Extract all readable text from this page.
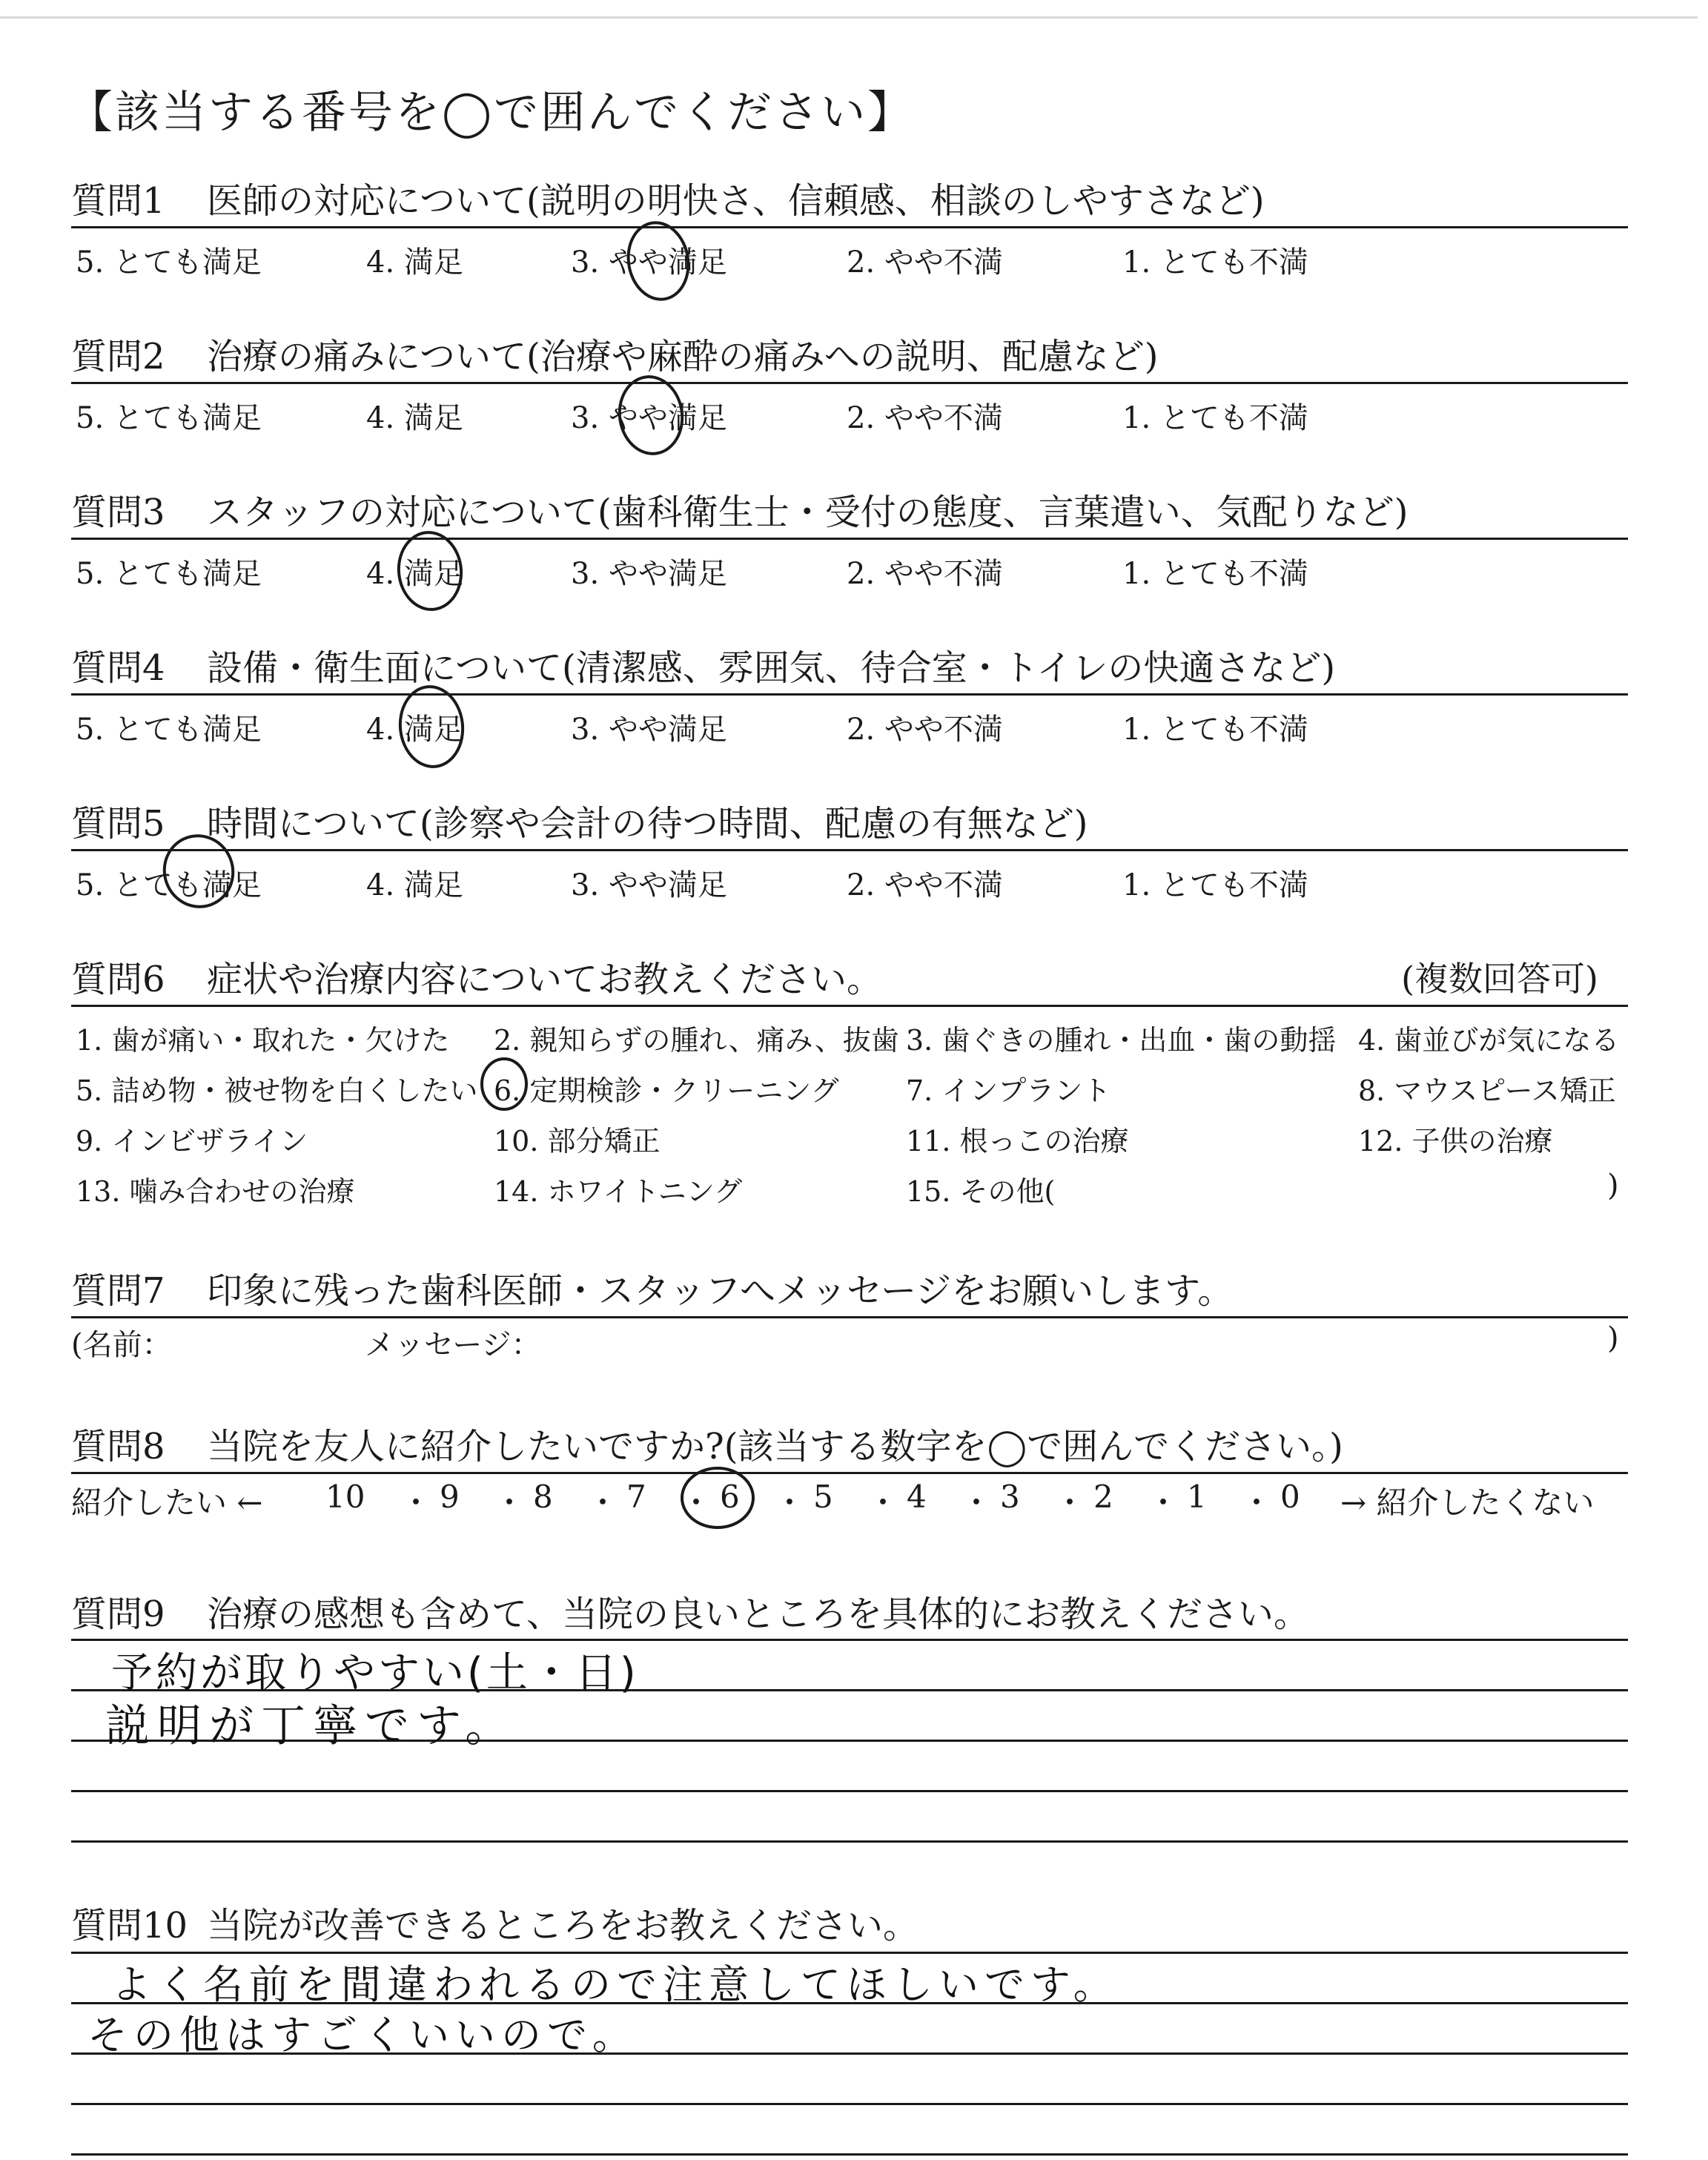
【該当する番号を◯で囲んでください】
質問1 医師の対応について(説明の明快さ、信頼感、相談のしやすさなど)
5. とても満足	4. 満足	3. やや満足	2. やや不満	1. とても不満
質問2 治療の痛みについて(治療や麻酔の痛みへの説明、配慮など)
5. とても満足	4. 満足	3. やや満足	2. やや不満	1. とても不満
質問3 スタッフの対応について(歯科衛生士・受付の態度、言葉遣い、気配りなど)
5. とても満足	4. 満足	3. やや満足	2. やや不満	1. とても不満
質問4 設備・衛生面について(清潔感、雰囲気、待合室・トイレの快適さなど)
5. とても満足	4. 満足	3. やや満足	2. やや不満	1. とても不満
質問5 時間について(診察や会計の待つ時間、配慮の有無など)
5. とても満足	4. 満足	3. やや満足	2. やや不満	1. とても不満
質問6 症状や治療内容についてお教えください。	(複数回答可)
1. 歯が痛い・取れた・欠けた 2. 親知らずの腫れ、痛み、抜歯 3. 歯ぐきの腫れ・出血・歯の動揺 4. 歯並びが気になる
5. 詰め物・被せ物を白くしたい 6. 定期検診・クリーニング 7. インプラント	8. マウスピース矯正
9. インビザライン	10. 部分矯正	11. 根っこの治療	12. 子供の治療
13. 噛み合わせの治療	14. ホワイトニング	15. その他(	)
質問7 印象に残った歯科医師・スタッフへメッセージをお願いします。
(名前：	メッセージ：	)
質問8 当院を友人に紹介したいですか?(該当する数字を◯で囲んでください。)
紹介したい ← 10 ・ 9 ・ 8 ・ 7 ・ 6 ・ 5 ・ 4 ・ 3 ・ 2 ・ 1 ・ 0 → 紹介したくない
質問9 治療の感想も含めて、当院の良いところを具体的にお教えください。
予約が取りやすい(土・日)
説明が丁寧です。
質問10 当院が改善できるところをお教えください。
よく名前を間違われるので注意してほしいです。
その他はすごくいいので。
